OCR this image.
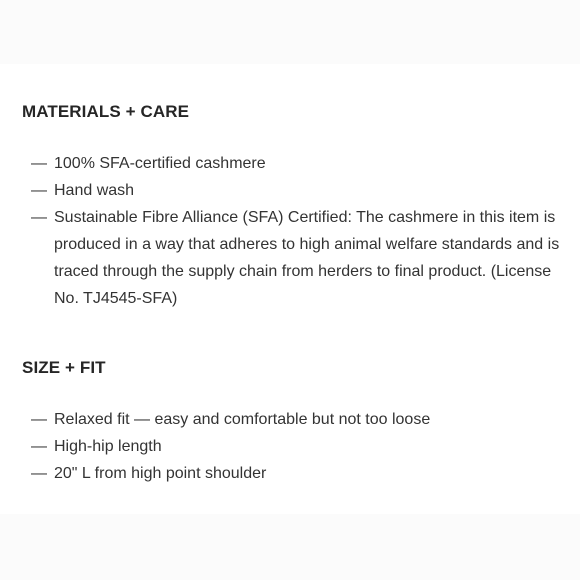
MATERIALS + CARE
— 100% SFA-certified cashmere
— Hand wash
— Sustainable Fibre Alliance (SFA) Certified: The cashmere in this item is produced in a way that adheres to high animal welfare standards and is traced through the supply chain from herders to final product. (License No. TJ4545-SFA)
SIZE + FIT
— Relaxed fit — easy and comfortable but not too loose
— High-hip length
— 20" L from high point shoulder
